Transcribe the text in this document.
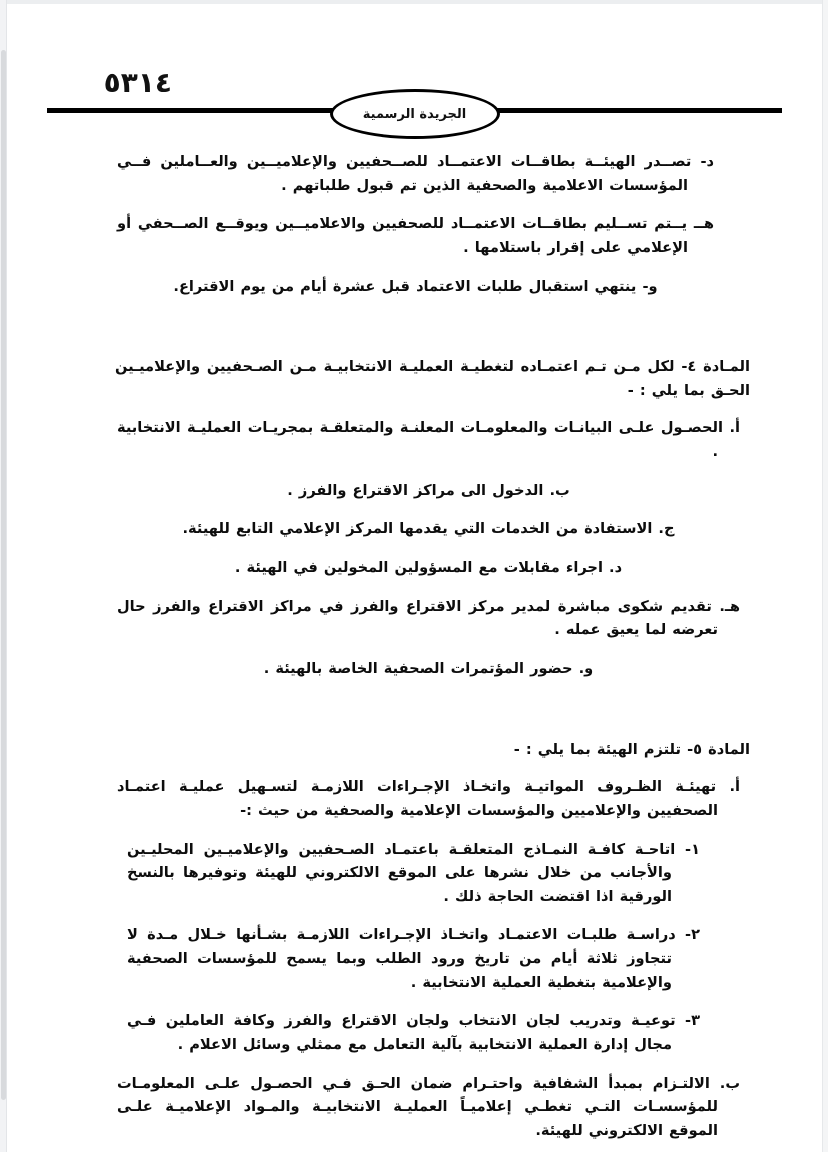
٥٣١٤
الجريدة الرسمية

د- تصــدر الهيئــة بطاقــات الاعتمــاد للصــحفيين والإعلاميــين والعــاملين فــي المؤسسات الاعلامية والصحفية الذين تم قبول طلباتهم .

هــ يــتم تســليم بطاقــات الاعتمــاد للصحفيين والاعلاميــين ويوقــع الصــحفي أو الإعلامي على إقرار باستلامها .

و- ينتهي استقبال طلبات الاعتماد قبل عشرة أيام من يوم الاقتراع.

المـادة ٤- لكل مـن تـم اعتمـاده لتغطيـة العمليـة الانتخابيـة مـن الصـحفيين والإعلاميـين الحـق بما يلي : -

أ. الحصـول علـى البيانـات والمعلومـات المعلنـة والمتعلقـة بمجريـات العمليـة الانتخابية .

ب. الدخول الى مراكز الاقتراع والفرز .

ج. الاستفادة من الخدمات التي يقدمها المركز الإعلامي التابع للهيئة.

د. اجراء مقابلات مع المسؤولين المخولين في الهيئة .

هـ. تقديم شكوى مباشرة لمدير مركز الاقتراع والفرز في مراكز الاقتراع والفرز حال تعرضه لما يعيق عمله .

و. حضور المؤتمرات الصحفية الخاصة بالهيئة .

المادة ٥- تلتزم الهيئة بما يلي : -

أ. تهيئـة الظـروف المواتيـة واتخـاذ الإجـراءات اللازمـة لتسـهيل عمليـة اعتمـاد الصحفيين والإعلاميين والمؤسسات الإعلامية والصحفية من حيث :-

١- اتاحـة كافـة النمـاذج المتعلقـة باعتمـاد الصـحفيين والإعلاميـين المحليـين والأجانب من خلال نشرها على الموقع الالكتروني للهيئة وتوفيرها بالنسخ الورقية اذا اقتضت الحاجة ذلك .

٢- دراسـة طلبـات الاعتمـاد واتخـاذ الإجـراءات اللازمـة بشـأنها خـلال مـدة لا تتجاوز ثلاثة أيام من تاريخ ورود الطلب وبما يسمح للمؤسسات الصحفية والإعلامية بتغطية العملية الانتخابية .

٣- توعيـة وتدريب لجان الانتخاب ولجان الاقتراع والفرز وكافة العاملين فـي مجال إدارة العملية الانتخابية بآلية التعامل مع ممثلي وسائل الاعلام .

ب. الالتـزام بمبدأ الشفافية واحتـرام ضمان الحـق فـي الحصـول علـى المعلومـات للمؤسسـات التـي تغطـي إعلاميـاً العمليـة الانتخابيـة والمـواد الإعلاميـة علـى الموقع الالكتروني للهيئة.
